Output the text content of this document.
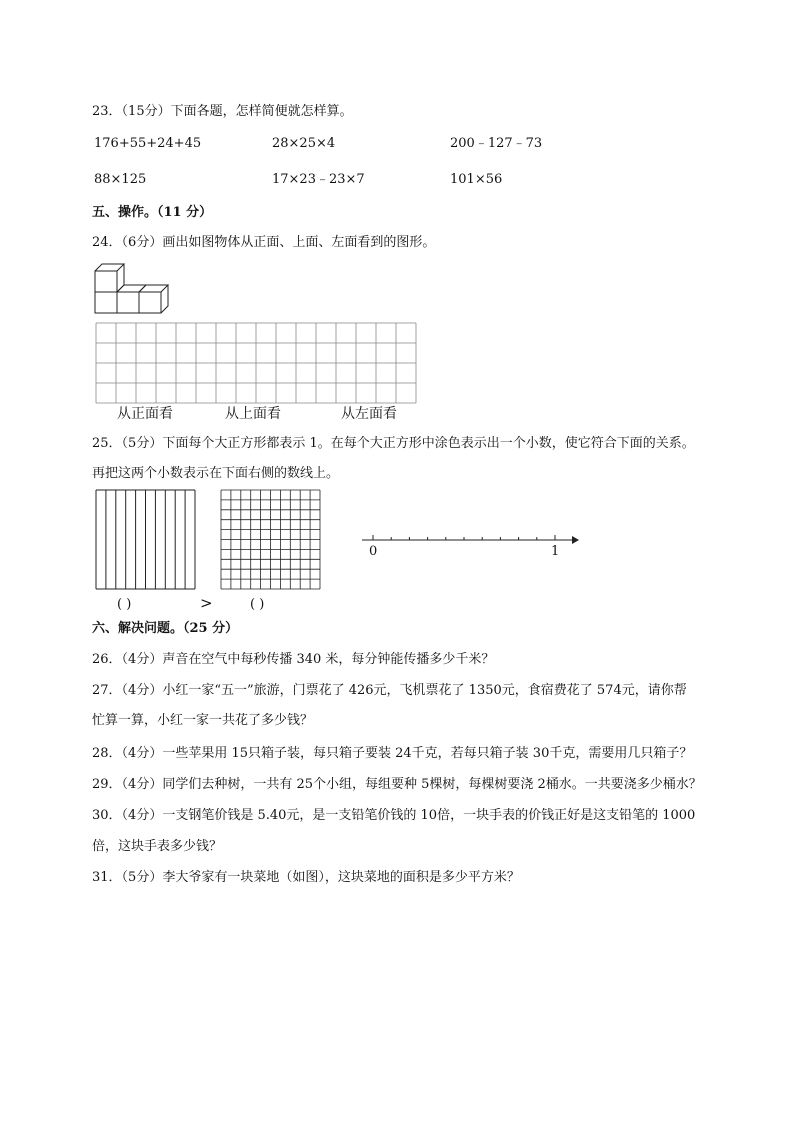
23．（15分）下面各题，怎样简便就怎样算。
176+55+24+45	28×25×4	200﹣127﹣73
88×125	17×23﹣23×7	101×56
五、操作。（11 分）
24．（6分）画出如图物体从正面、上面、左面看到的图形。
从正面看	从上面看	从左面看
25．（5分）下面每个大正方形都表示 1。在每个大正方形中涂色表示出一个小数，使它符合下面的关系。
再把这两个小数表示在下面右侧的数线上。
( )	>	( )
0	1
六、解决问题。（25 分）
26．（4分）声音在空气中每秒传播 340 米，每分钟能传播多少千米？
27．（4分）小红一家“五一”旅游，门票花了 426元，飞机票花了 1350元，食宿费花了 574元，请你帮
忙算一算，小红一家一共花了多少钱？
28．（4分）一些苹果用 15只箱子装，每只箱子要装 24千克，若每只箱子装 30千克，需要用几只箱子？
29．（4分）同学们去种树，一共有 25个小组，每组要种 5棵树，每棵树要浇 2桶水。一共要浇多少桶水？
30．（4分）一支钢笔价钱是 5.40元，是一支铅笔价钱的 10倍，一块手表的价钱正好是这支铅笔的 1000
倍，这块手表多少钱？
31．（5分）李大爷家有一块菜地（如图），这块菜地的面积是多少平方米？
